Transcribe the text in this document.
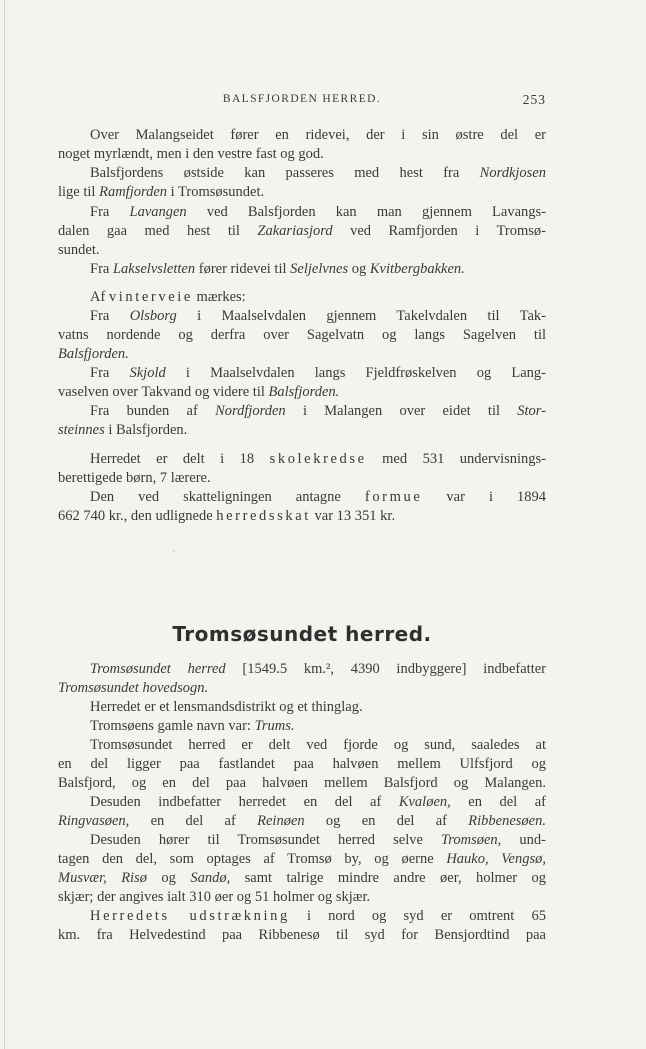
·
,
BALSFJORDEN HERRED.	253
Over Malangseidet fører en ridevei, der i sin østre del er
noget myrlændt, men i den vestre fast og god.
Balsfjordens østside kan passeres med hest fra Nordkjosen
lige til Ramfjorden i Tromsøsundet.
Fra Lavangen ved Balsfjorden kan man gjennem Lavangs-
dalen gaa med hest til Zakariasjord ved Ramfjorden i Tromsø-
sundet.
Fra Lakselvsletten fører ridevei til Seljelvnes og Kvitbergbakken.
Af vinterveie mærkes:
Fra Olsborg i Maalselvdalen gjennem Takelvdalen til Tak-
vatns nordende og derfra over Sagelvatn og langs Sagelven til
Balsfjorden.
Fra Skjold i Maalselvdalen langs Fjeldfrøskelven og Lang-
vaselven over Takvand og videre til Balsfjorden.
Fra bunden af Nordfjorden i Malangen over eidet til Stor-
steinnes i Balsfjorden.
Herredet er delt i 18 skolekredse med 531 undervisnings-
berettigede børn, 7 lærere.
Den ved skatteligningen antagne formue var i 1894
662 740 kr., den udlignede herredsskat var 13 351 kr.
Tromsøsundet herred.
Tromsøsundet herred [1549.5 km.², 4390 indbyggere] indbefatter
Tromsøsundet hovedsogn.
Herredet er et lensmandsdistrikt og et thinglag.
Tromsøens gamle navn var: Trums.
Tromsøsundet herred er delt ved fjorde og sund, saaledes at
en del ligger paa fastlandet paa halvøen mellem Ulfsfjord og
Balsfjord, og en del paa halvøen mellem Balsfjord og Malangen.
Desuden indbefatter herredet en del af Kvaløen, en del af
Ringvasøen, en del af Reinøen og en del af Ribbenesøen.
Desuden hører til Tromsøsundet herred selve Tromsøen, und-
tagen den del, som optages af Tromsø by, og øerne Hauko, Vengsø,
Musvær, Risø og Sandø, samt talrige mindre andre øer, holmer og
skjær; der angives ialt 310 øer og 51 holmer og skjær.
Herredets udstrækning i nord og syd er omtrent 65
km. fra Helvedestind paa Ribbenesø til syd for Bensjordtind paa
